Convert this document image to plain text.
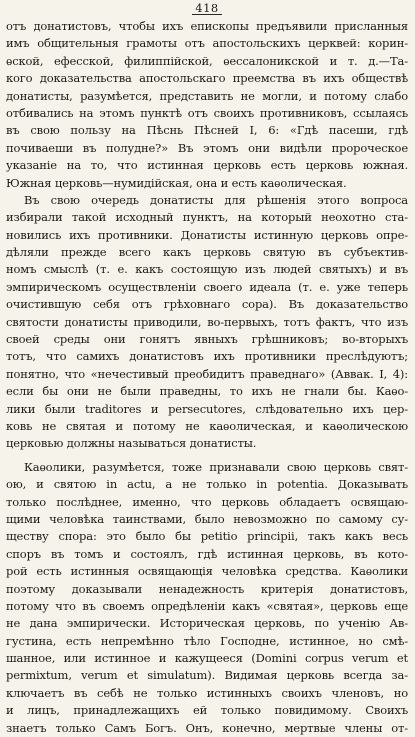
418
отъ донатистовъ, чтобы ихъ епископы предъявили присланныя
имъ общительныя грамоты отъ апостольскихъ церквей: корин-
ѳской, ефесской, филиппійской, ѳессалоникской и т. д.—Та-
кого доказательства апостольскаго преемства въ ихъ обществѣ
донатисты, разумѣется, представить не могли, и потому слабо
отбивались на этомъ пунктѣ отъ своихъ противниковъ, ссылаясь
въ свою пользу на Пѣснь Пѣсней I, 6: «Гдѣ пасеши, гдѣ
почиваеши въ полудне?» Въ этомъ они видѣли пророческое
указаніе на то, что истинная церковь есть церковь южная.
Южная церковь—нумидійская, она и есть каѳолическая.
Въ свою очередь донатисты для рѣшенія этого вопроса
избирали такой исходный пунктъ, на который неохотно ста-
новились ихъ противники. Донатисты истинную церковь опре-
дѣляли прежде всего какъ церковь святую въ субъектив-
номъ смыслѣ (т. е. какъ состоящую изъ людей святыхъ) и въ
эмпирическомъ осуществленіи своего идеала (т. е. уже теперь
очистившую себя отъ грѣховнаго сора). Въ доказательство
святости донатисты приводили, во-первыхъ, тотъ фактъ, что изъ
своей среды они гонятъ явныхъ грѣшниковъ; во-вторыхъ
тотъ, что самихъ донатистовъ ихъ противники преслѣдуютъ;
понятно, что «нечестивый преобидитъ праведнаго» (Аввак. I, 4):
если бы они не были праведны, то ихъ не гнали бы. Каѳо-
лики были traditores и persecutores, слѣдовательно ихъ цер-
ковь не святая и потому не каѳолическая, и каѳолическою
церковью должны называться донатисты.
Каѳолики, разумѣется, тоже признавали свою церковь свят-
ою, и святою in actu, а не только in potentia. Доказывать
только послѣднее, именно, что церковь обладаетъ освящаю-
щими человѣка таинствами, было невозможно по самому су-
ществу спора: это было бы petitio principii, такъ какъ весь
споръ въ томъ и состоялъ, гдѣ истинная церковь, въ кото-
рой есть истинныя освящающія человѣка средства. Каѳолики
поэтому доказывали ненадежность критерія донатистовъ,
потому что въ своемъ опредѣленіи какъ «святая», церковь еще
не дана эмпирически. Историческая церковь, по ученію Ав-
густина, есть непремѣнно тѣло Господне, истинное, но смѣ-
шанное, или истинное и кажущееся (Domini corpus verum et
permixtum, verum et simulatum). Видимая церковь всегда за-
ключаетъ въ себѣ не только истинныхъ своихъ членовъ, но
и лицъ, принадлежащихъ ей только повидимому. Своихъ
знаетъ только Самъ Богъ. Онъ, конечно, мертвые члены от-
